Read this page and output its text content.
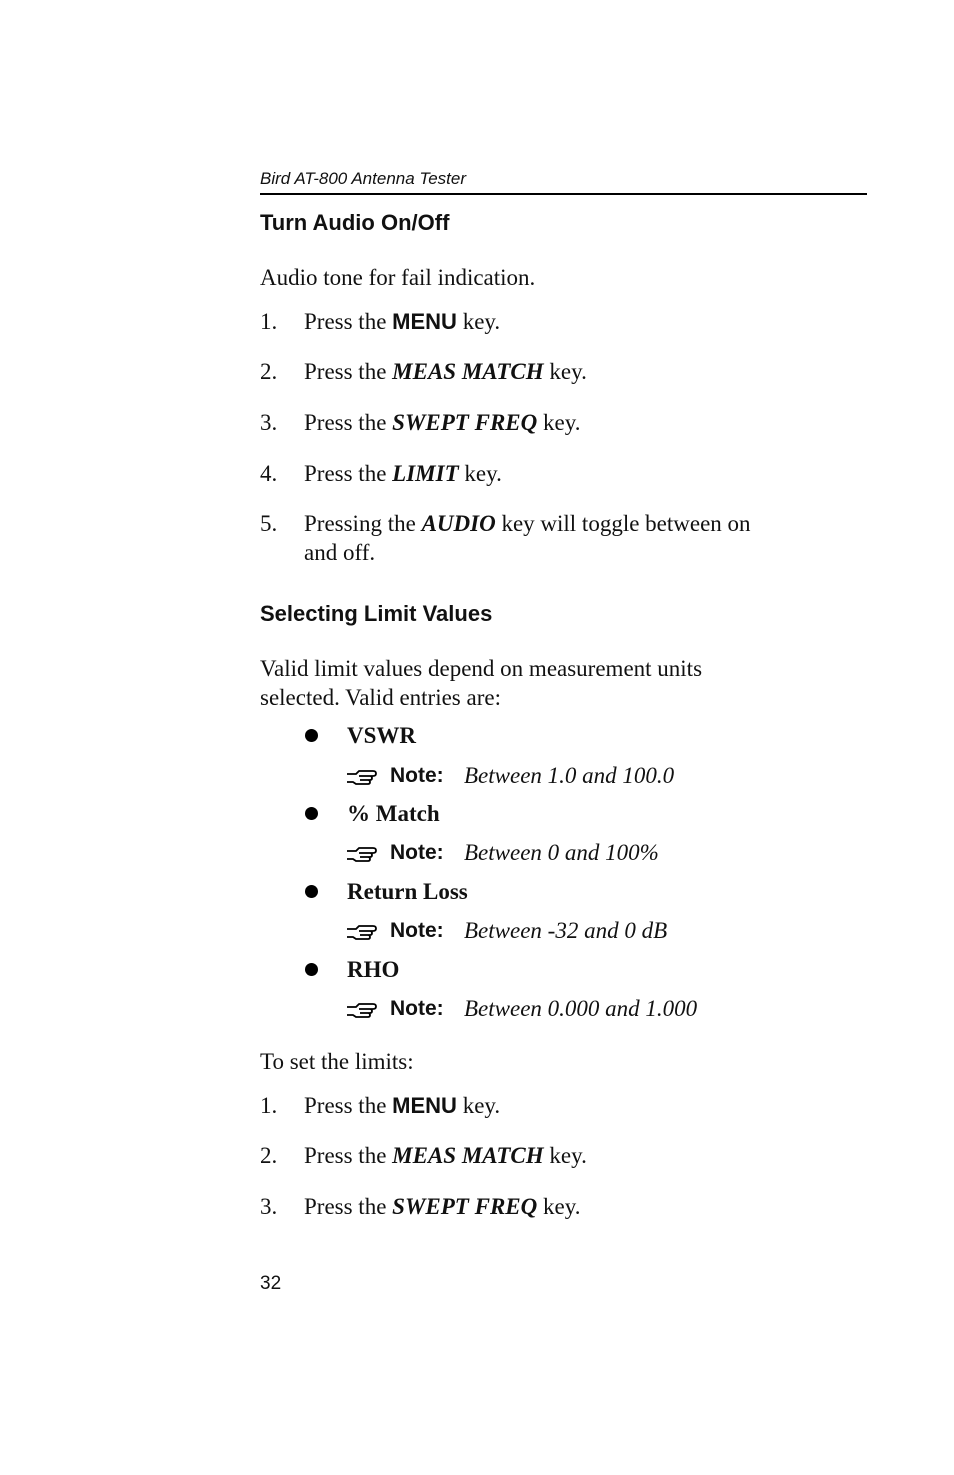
Bird AT-800 Antenna Tester
Turn Audio On/Off
Audio tone for fail indication.
1. Press the MENU key.
2. Press the MEAS MATCH key.
3. Press the SWEPT FREQ key.
4. Press the LIMIT key.
5. Pressing the AUDIO key will toggle between on
and off.
Selecting Limit Values
Valid limit values depend on measurement units
selected. Valid entries are:
VSWR
Note: Between 1.0 and 100.0
% Match
Note: Between 0 and 100%
Return Loss
Note: Between -32 and 0 dB
RHO
Note: Between 0.000 and 1.000
To set the limits:
1. Press the MENU key.
2. Press the MEAS MATCH key.
3. Press the SWEPT FREQ key.
32
